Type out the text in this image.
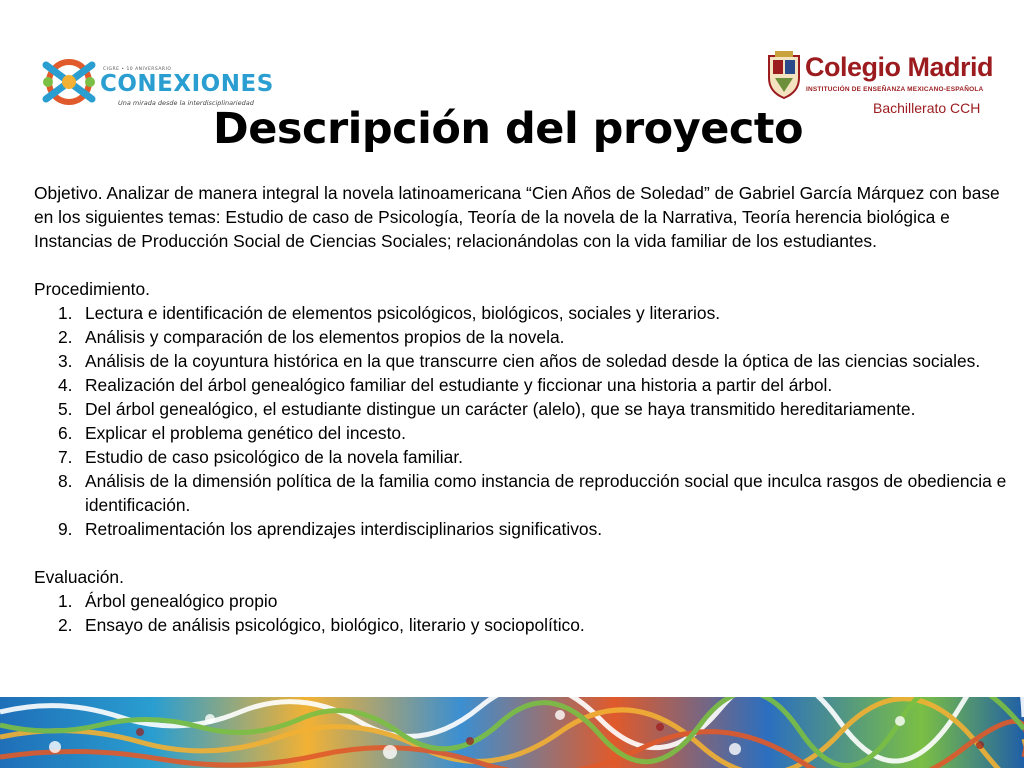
CIGRE • 10 ANIVERSARIO
CONEXIONES
Una mirada desde la interdisciplinariedad
Colegio Madrid
INSTITUCIÓN DE ENSEÑANZA MEXICANO-ESPAÑOLA
Bachillerato CCH
Descripción del proyecto

Objetivo. Analizar de manera integral la novela latinoamericana “Cien Años de Soledad” de Gabriel García Márquez con base en los siguientes temas: Estudio de caso de Psicología, Teoría de la novela de la Narrativa, Teoría herencia biológica e Instancias de Producción Social de Ciencias Sociales; relacionándolas con la vida familiar de los estudiantes.

Procedimiento.

1. Lectura e identificación de elementos psicológicos, biológicos, sociales y literarios.
2. Análisis y comparación de los elementos propios de la novela.
3. Análisis de la coyuntura histórica en la que transcurre cien años de soledad desde la óptica de las ciencias sociales.
4. Realización del árbol genealógico familiar del estudiante y ficcionar una historia a partir del árbol.
5. Del árbol genealógico, el estudiante distingue un carácter (alelo), que se haya transmitido hereditariamente.
6. Explicar el problema genético del incesto.
7. Estudio de caso psicológico de la novela familiar.
8. Análisis de la dimensión política de la familia como instancia de reproducción social que inculca rasgos de obediencia e identificación.
9. Retroalimentación los aprendizajes interdisciplinarios significativos.

Evaluación.

1. Árbol genealógico propio
2. Ensayo de análisis psicológico, biológico, literario y sociopolítico.
